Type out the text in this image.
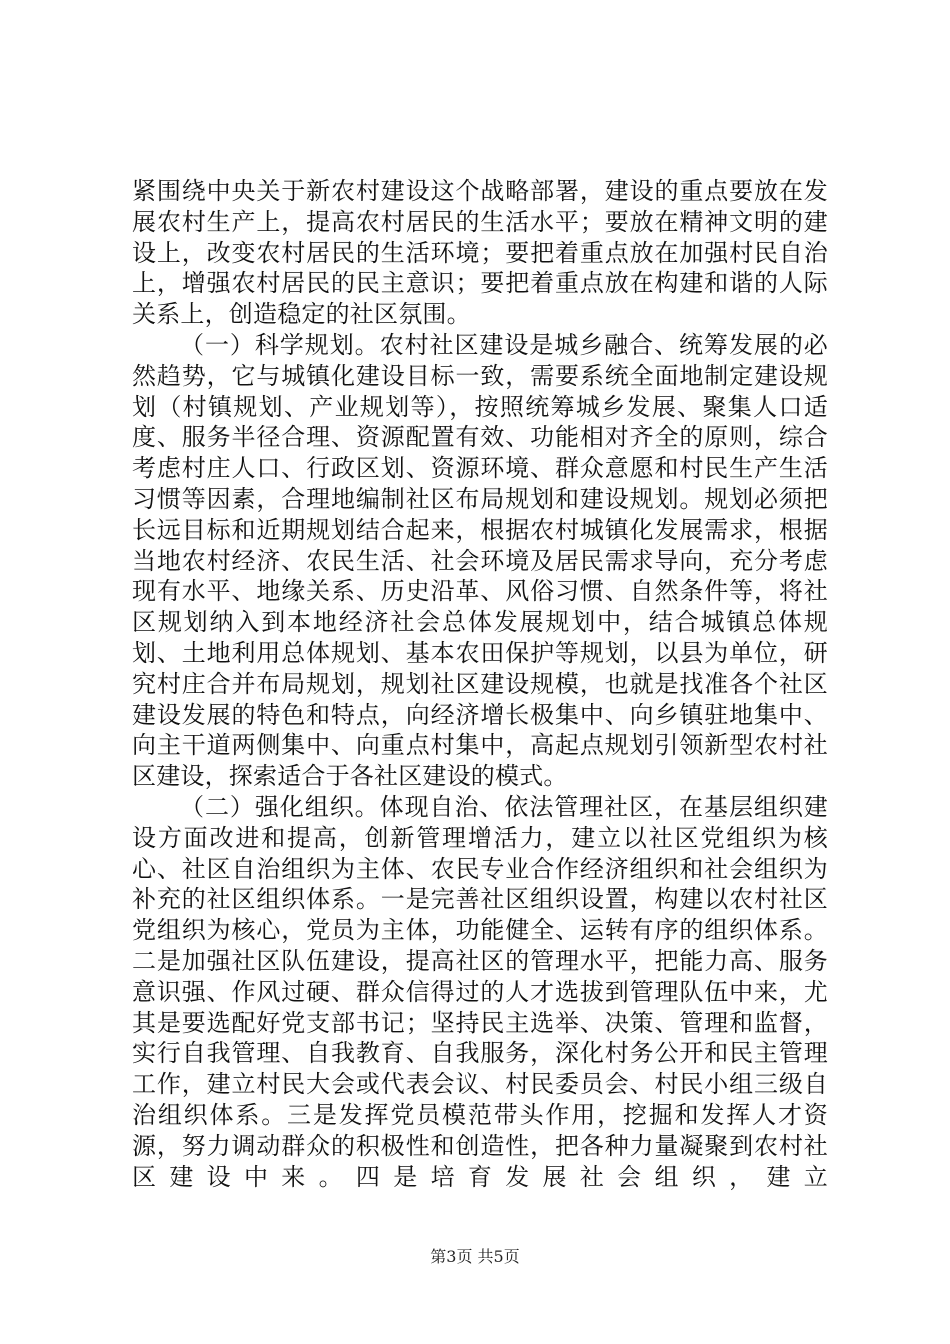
紧围绕中央关于新农村建设这个战略部署，建设的重点要放在发展农村生产上，提高农村居民的生活水平；要放在精神文明的建设上，改变农村居民的生活环境；要把着重点放在加强村民自治上，增强农村居民的民主意识；要把着重点放在构建和谐的人际关系上，创造稳定的社区氛围。

（一）科学规划。农村社区建设是城乡融合、统筹发展的必然趋势，它与城镇化建设目标一致，需要系统全面地制定建设规划（村镇规划、产业规划等），按照统筹城乡发展、聚集人口适度、服务半径合理、资源配置有效、功能相对齐全的原则，综合考虑村庄人口、行政区划、资源环境、群众意愿和村民生产生活习惯等因素，合理地编制社区布局规划和建设规划。规划必须把长远目标和近期规划结合起来，根据农村城镇化发展需求，根据当地农村经济、农民生活、社会环境及居民需求导向，充分考虑现有水平、地缘关系、历史沿革、风俗习惯、自然条件等，将社区规划纳入到本地经济社会总体发展规划中，结合城镇总体规划、土地利用总体规划、基本农田保护等规划，以县为单位，研究村庄合并布局规划，规划社区建设规模，也就是找准各个社区建设发展的特色和特点，向经济增长极集中、向乡镇驻地集中、向主干道两侧集中、向重点村集中，高起点规划引领新型农村社区建设，探索适合于各社区建设的模式。

（二）强化组织。体现自治、依法管理社区，在基层组织建设方面改进和提高，创新管理增活力，建立以社区党组织为核心、社区自治组织为主体、农民专业合作经济组织和社会组织为补充的社区组织体系。一是完善社区组织设置，构建以农村社区党组织为核心，党员为主体，功能健全、运转有序的组织体系。二是加强社区队伍建设，提高社区的管理水平，把能力高、服务意识强、作风过硬、群众信得过的人才选拔到管理队伍中来，尤其是要选配好党支部书记；坚持民主选举、决策、管理和监督，实行自我管理、自我教育、自我服务，深化村务公开和民主管理工作，建立村民大会或代表会议、村民委员会、村民小组三级自治组织体系。三是发挥党员模范带头作用，挖掘和发挥人才资源，努力调动群众的积极性和创造性，把各种力量凝聚到农村社区建设中来。四是培育发展社会组织，建立

第3页 共5页
